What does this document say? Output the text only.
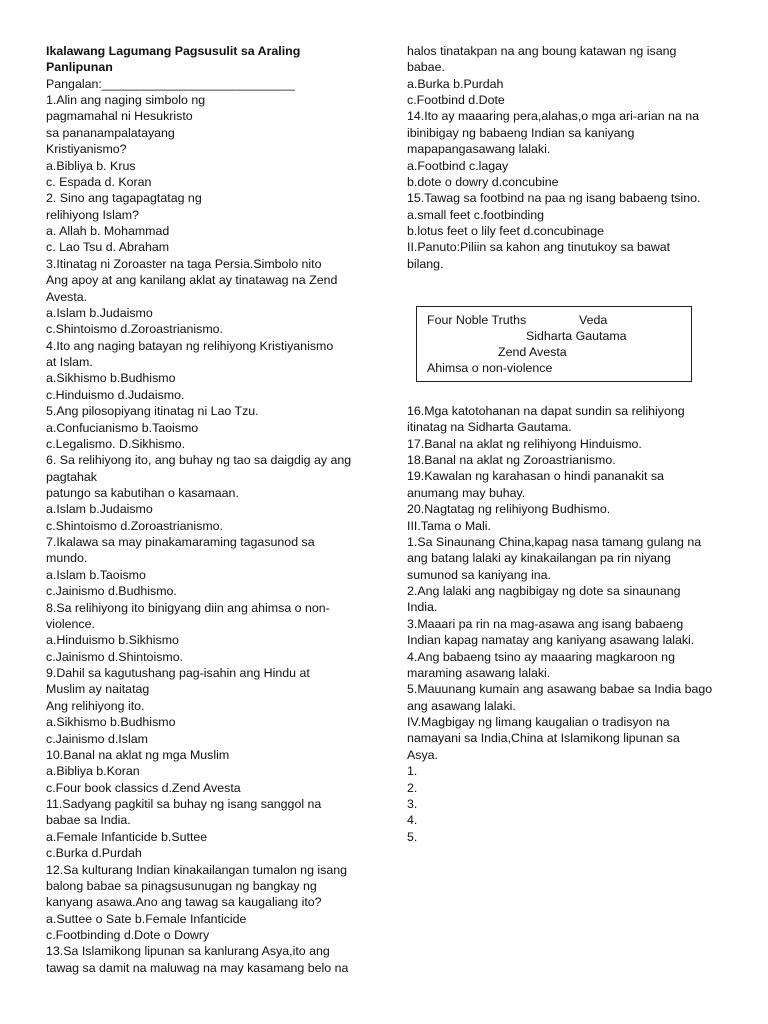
Ikalawang Lagumang Pagsusulit sa Araling
Panlipunan
Pangalan:____________________________
1.Alin ang naging simbolo ng
pagmamahal ni Hesukristo
sa pananampalatayang
Kristiyanismo?
a.Bibliya b. Krus
c. Espada d. Koran
2. Sino ang tagapagtatag ng
relihiyong Islam?
a. Allah b. Mohammad
c. Lao Tsu d. Abraham
3.Itinatag ni Zoroaster na taga Persia.Simbolo nito
Ang apoy at ang kanilang aklat ay tinatawag na Zend
Avesta.
a.Islam b.Judaismo
c.Shintoismo d.Zoroastrianismo.
4.Ito ang naging batayan ng relihiyong Kristiyanismo
at Islam.
a.Sikhismo b.Budhismo
c.Hinduismo d.Judaismo.
5.Ang pilosopiyang itinatag ni Lao Tzu.
a.Confucianismo b.Taoismo
c.Legalismo. D.Sikhismo.
6. Sa relihiyong ito, ang buhay ng tao sa daigdig ay ang
pagtahak
patungo sa kabutihan o kasamaan.
a.Islam b.Judaismo
c.Shintoismo d.Zoroastrianismo.
7.Ikalawa sa may pinakamaraming tagasunod sa
mundo.
a.Islam b.Taoismo
c.Jainismo d.Budhismo.
8.Sa relihiyong ito binigyang diin ang ahimsa o non-
violence.
a.Hinduismo b.Sikhismo
c.Jainismo d.Shintoismo.
9.Dahil sa kagutushang pag-isahin ang Hindu at
Muslim ay naitatag
Ang relihiyong ito.
a.Sikhismo b.Budhismo
c.Jainismo d.Islam
10.Banal na aklat ng mga Muslim
a.Bibliya b.Koran
c.Four book classics d.Zend Avesta
11.Sadyang pagkitil sa buhay ng isang sanggol na
babae sa India.
a.Female Infanticide b.Suttee
c.Burka d.Purdah
12.Sa kulturang Indian kinakailangan tumalon ng isang
balong babae sa pinagsusunugan ng bangkay ng
kanyang asawa.Ano ang tawag sa kaugaliang ito?
a.Suttee o Sate b.Female Infanticide
c.Footbinding d.Dote o Dowry
13.Sa Islamikong lipunan sa kanlurang Asya,ito ang
tawag sa damit na maluwag na may kasamang belo na
halos tinatakpan na ang boung katawan ng isang
babae.
a.Burka b.Purdah
c.Footbind d.Dote
14.Ito ay maaaring pera,alahas,o mga ari-arian na na
ibinibigay ng babaeng Indian sa kaniyang
mapapangasawang lalaki.
a.Footbind c.lagay
b.dote o dowry d.concubine
15.Tawag sa footbind na paa ng isang babaeng tsino.
a.small feet c.footbinding
b.lotus feet o lily feet d.concubinage
II.Panuto:Piliin sa kahon ang tinutukoy sa bawat
bilang.
Four Noble Truths	Veda
Sidharta Gautama
Zend Avesta
Ahimsa o non-violence
16.Mga katotohanan na dapat sundin sa relihiyong
itinatag na Sidharta Gautama.
17.Banal na aklat ng relihiyong Hinduismo.
18.Banal na aklat ng Zoroastrianismo.
19.Kawalan ng karahasan o hindi pananakit sa
anumang may buhay.
20.Nagtatag ng relihiyong Budhismo.
III.Tama o Mali.
1.Sa Sinaunang China,kapag nasa tamang gulang na
ang batang lalaki ay kinakailangan pa rin niyang
sumunod sa kaniyang ina.
2.Ang lalaki ang nagbibigay ng dote sa sinaunang
India.
3.Maaari pa rin na mag-asawa ang isang babaeng
Indian kapag namatay ang kaniyang asawang lalaki.
4.Ang babaeng tsino ay maaaring magkaroon ng
maraming asawang lalaki.
5.Mauunang kumain ang asawang babae sa India bago
ang asawang lalaki.
IV.Magbigay ng limang kaugalian o tradisyon na
namayani sa India,China at Islamikong lipunan sa
Asya.
1.
2.
3.
4.
5.
